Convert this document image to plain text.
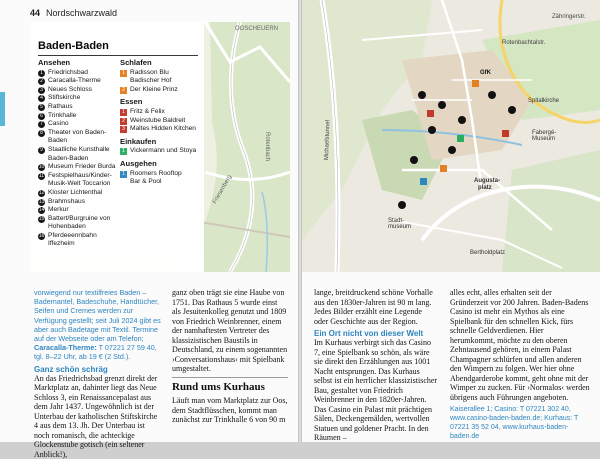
44 Nordschwarzwald
OOSCHEUERN
Friesenberg
Rotenbach
Baden-Baden
Ansehen
1 Friedrichsbad
2 Caracalla-Therme
3 Neues Schloss
4 Stiftskirche
5 Rathaus
6 Trinkhalle
7 Casino
8 Theater von Baden-
Baden
9 Staatliche Kunsthalle
Baden-Baden
10 Museum Frieder Burda
11 Festspielhaus/Kinder-
Musik-Welt Toccarion
12 Kloster Lichtenthal
13 Brahmshaus
14 Merkur
15 Battert/Burgruine von
Hohenbaden
16 Pferdeeennbahn
Iffezheim
Schlafen
1 Radisson Blu
Badischer Hof
2 Der Kleine Prinz
Essen
1 Fritz & Felix
2 Weinstube Baldreit
3 Maltes Hidden Kitchen
Einkaufen
1 Vickermann und Stoya
Ausgehen
1 Roomers Rooftop
Bar & Pool
vorwiegend nur textilfreies Baden – Bademantel, Badeschuhe, Handtücher, Seifen und Cremes werden zur Verfügung gestellt; seit Juli 2024 gibt es aber auch Badetage mit Textil. Termine auf der Webseite oder am Telefon; Caracalla-Therme: T 07221 27 59 40, tgl. 8–22 Uhr, ab 19 € (2 Std.).
Ganz schön schräg
An das Friedrichsbad grenzt direkt der Marktplatz an, dahinter liegt das Neue Schloss 3, ein Renaissancepalast aus dem Jahr 1437. Ungewöhnlich ist der Unterbau der katholischen Stiftskirche 4 aus dem 13. Jh. Der Unterbau ist noch romanisch, die achteckige Glockenstube gotisch (ein seltener Anblick!),
ganz oben trägt sie eine Haube von 1751. Das Rathaus 5 wurde einst als Jesuitenkolleg genutzt und 1809 von Friedrich Weinbrenner, einem der namhaftesten Vertreter des klassizistischen Baustils in Deutschland, zu einem sogenannten ›Conversationshaus‹ mit Spielbank umgestaltet.
Rund ums Kurhaus
Läuft man vom Marktplatz zur Oos, dem Stadtflüsschen, kommt man zunächst zur Trinkhalle 6 von 90 m
Rotenbachtalstr.
Zähringerstr.
Michaelstunnel
Augusta-
platz
Stadt-museum
Bertholdplatz
Spitalkirche
Fabergé-Museum
GfK
lange, breitdruckend schöne Vorhalle aus den 1830er-Jahren ist 90 m lang. Jedes Bilder erzählt eine Legende oder Geschichte aus der Region.
Ein Ort nicht von dieser Welt
Im Kurhaus verbirgt sich das Casino 7, eine Spielbank so schön, als wäre sie direkt den Erzählungen aus 1001 Nacht entsprungen. Das Kurhaus selbst ist ein herrlicher klassizistischer Bau, gestaltet von Friedrich Weinbrenner in den 1820er-Jahren. Das Casino ein Palast mit prächtigen Sälen, Deckengemälden, wertvollen Statuen und goldener Pracht. In den Räumen –
alles echt, alles erhalten seit der Gründerzeit vor 200 Jahren. Baden-Badens Casino ist mehr ein Mythos als eine Spielbank für den schnellen Kick, fürs schnelle Geldverdienen. Hier herumkommt, möchte zu den oberen Zehntausend gehören, in einem Palast Champagner schlürfen und allen anderen den Wimpern zu folgen. Wer hier ohne Abendgarderobe kommt, geht ohne mit der Wimper zu zucken. Für ›Normalos‹ werden übrigens auch Führungen angeboten.
Kaiserallee 1; Casino: T 07221 302 40, www.casino-baden-baden.de; Kurhaus: T 07221 35 52 04, www.kurhaus-baden-baden.de
